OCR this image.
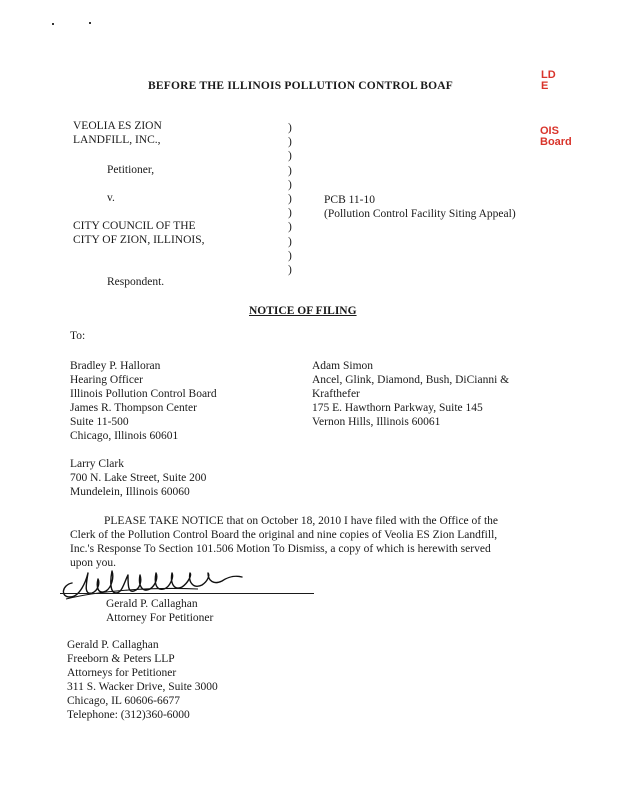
LD
E
OIS
Board
BEFORE THE ILLINOIS POLLUTION CONTROL BOAF
VEOLIA ES ZION
LANDFILL, INC.,
Petitioner,
v.
CITY COUNCIL OF THE
CITY OF ZION, ILLINOIS,
Respondent.
)
)
)
)
)
)
)
)
)
)
)
PCB 11-10
(Pollution Control Facility Siting Appeal)
NOTICE OF FILING
To:
Bradley P. Halloran
Hearing Officer
Illinois Pollution Control Board
James R. Thompson Center
Suite 11-500
Chicago, Illinois 60601
Adam Simon
Ancel, Glink, Diamond, Bush, DiCianni &
Krafthefer
175 E. Hawthorn Parkway, Suite 145
Vernon Hills, Illinois 60061
Larry Clark
700 N. Lake Street, Suite 200
Mundelein, Illinois 60060
PLEASE TAKE NOTICE that on October 18, 2010 I have filed with the Office of the
Clerk of the Pollution Control Board the original and nine copies of Veolia ES Zion Landfill,
Inc.'s Response To Section 101.506 Motion To Dismiss, a copy of which is herewith served
upon you.
Gerald P. Callaghan
Attorney For Petitioner
Gerald P. Callaghan
Freeborn & Peters LLP
Attorneys for Petitioner
311 S. Wacker Drive, Suite 3000
Chicago, IL 60606-6677
Telephone: (312)360-6000
